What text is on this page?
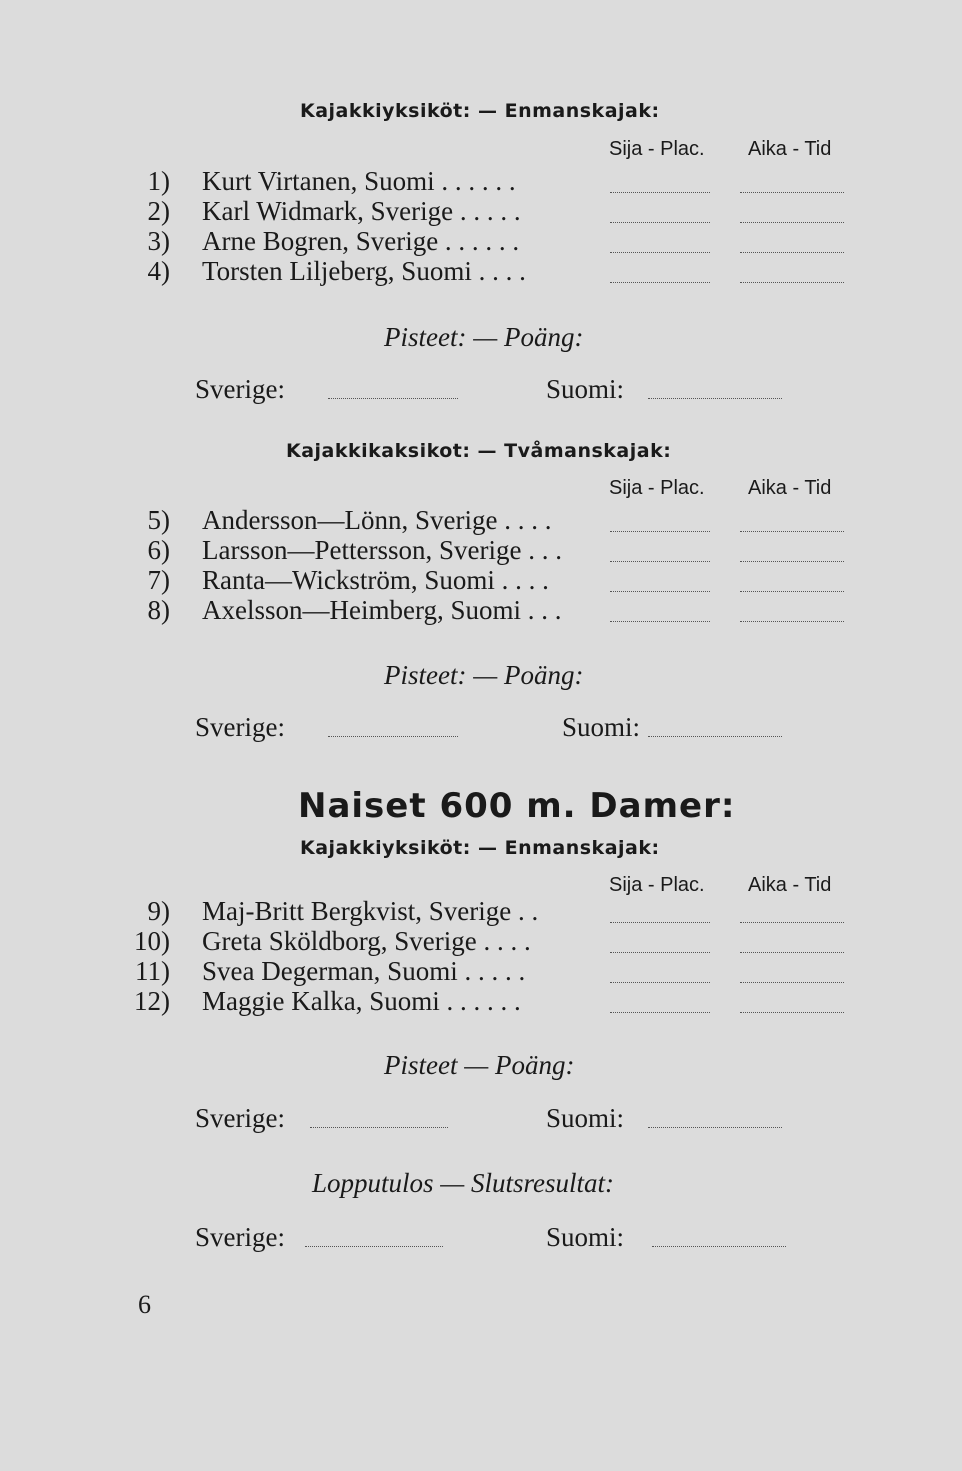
Kajakkiyksiköt: — Enmanskajak:
Sija - Plac. Aika - Tid
1) Kurt Virtanen, Suomi . . . . . .
2) Karl Widmark, Sverige . . . . .
3) Arne Bogren, Sverige . . . . . .
4) Torsten Liljeberg, Suomi . . . .
Pisteet: — Poäng:
Sverige:	Suomi:
Kajakkikaksikot: — Tvåmanskajak:
Sija - Plac. Aika - Tid
5) Andersson—Lönn, Sverige . . . .
6) Larsson—Pettersson, Sverige . . .
7) Ranta—Wickström, Suomi . . . .
8) Axelsson—Heimberg, Suomi . . .
Pisteet: — Poäng:
Sverige:	Suomi:
Naiset 600 m. Damer:
Kajakkiyksiköt: — Enmanskajak:
Sija - Plac. Aika - Tid
9) Maj-Britt Bergkvist, Sverige . .
10) Greta Sköldborg, Sverige . . . .
11) Svea Degerman, Suomi . . . . .
12) Maggie Kalka, Suomi . . . . . .
Pisteet — Poäng:
Sverige:	Suomi:
Lopputulos — Slutsresultat:
Sverige:	Suomi:
6
